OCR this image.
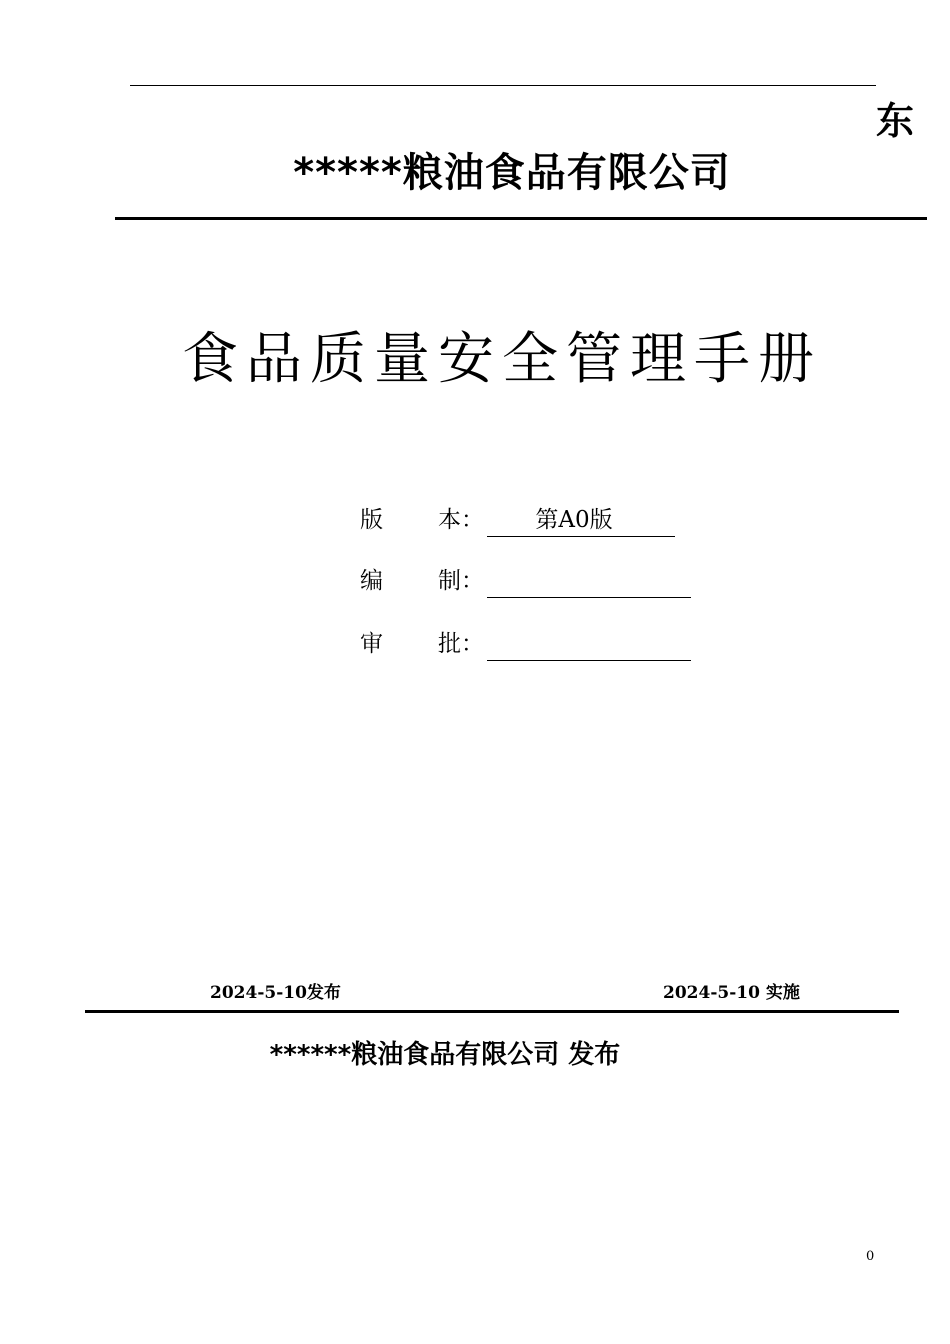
东
*****粮油食品有限公司
食品质量安全管理手册
版 本：	第A0版
编 制：
审 批：
2024-5-10发布	2024-5-10 实施
******粮油食品有限公司 发布
0
